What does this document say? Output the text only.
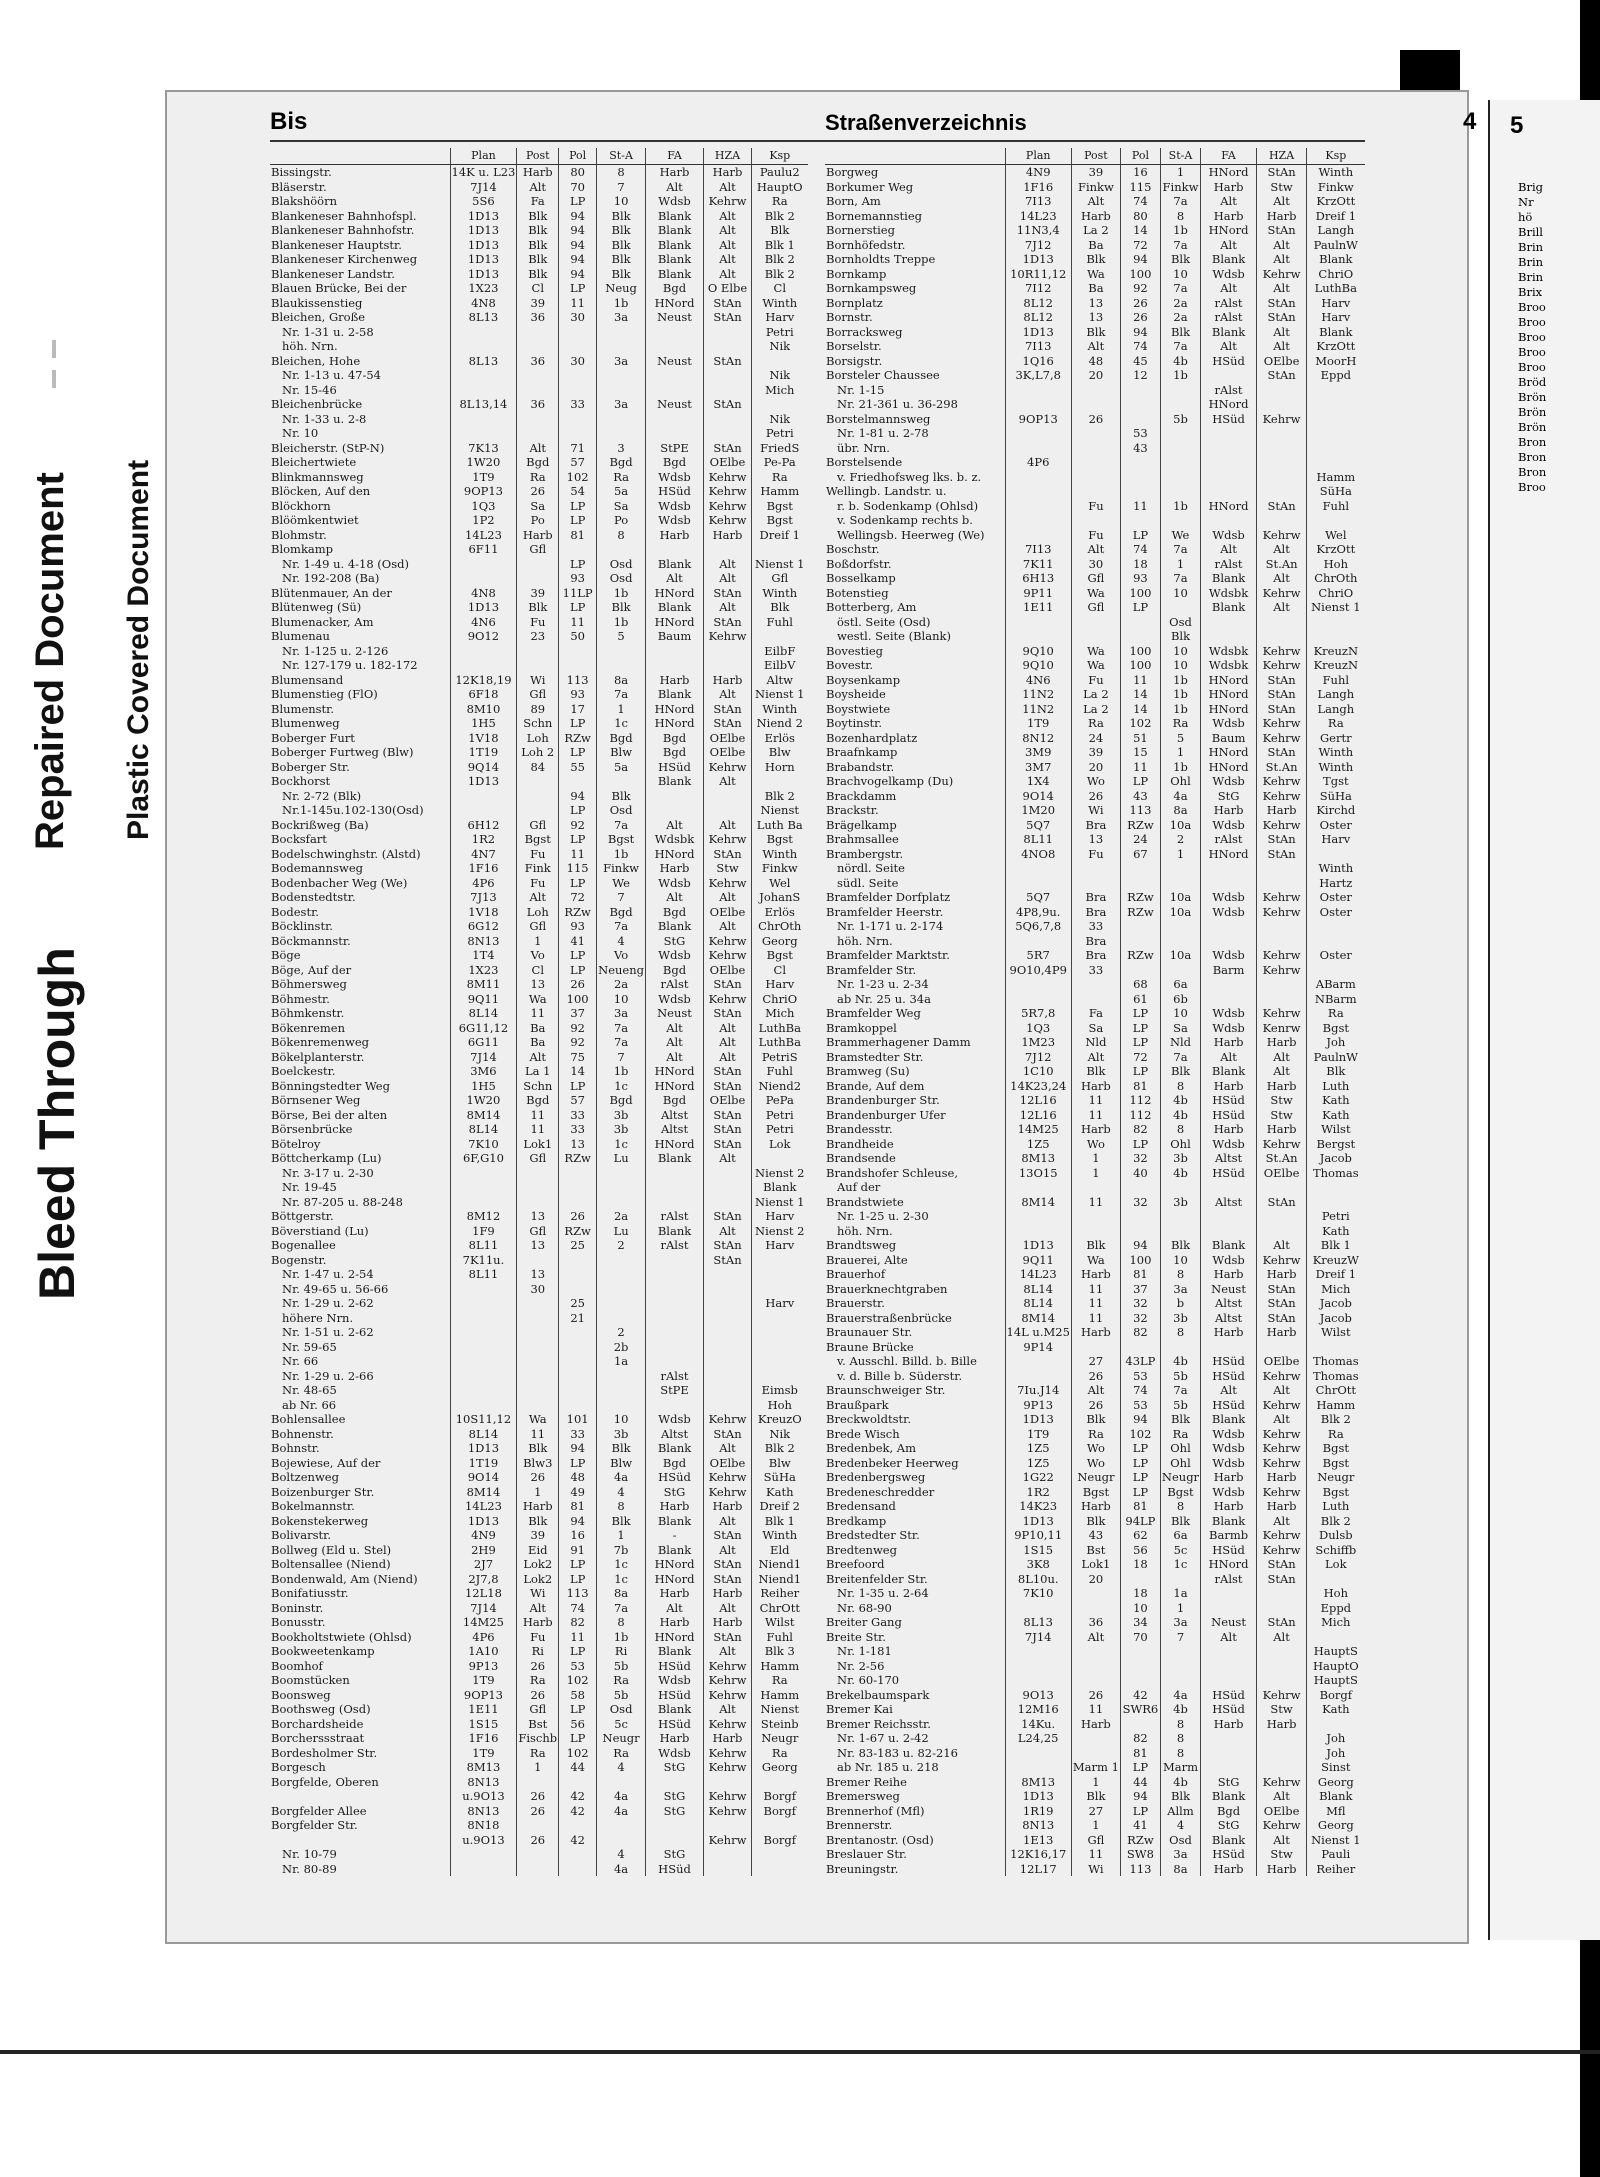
Bleed Through
Repaired Document Plastic Covered Document
Bis	Straßenverzeichnis	4
	Plan	Post	Pol	St-A	FA	HZA	Ksp
Bissingstr.	14K u. L23	Harb	80	8	Harb	Harb	Paulu2
Bläserstr.	7J14	Alt	70	7	Alt	Alt	HauptO
Blakshöörn	5S6	Fa	LP	10	Wdsb	Kehrw	Ra
Blankeneser Bahnhofspl.	1D13	Blk	94	Blk	Blank	Alt	Blk 2
Blankeneser Bahnhofstr.	1D13	Blk	94	Blk	Blank	Alt	Blk
Blankeneser Hauptstr.	1D13	Blk	94	Blk	Blank	Alt	Blk 1
Blankeneser Kirchenweg	1D13	Blk	94	Blk	Blank	Alt	Blk 2
Blankeneser Landstr.	1D13	Blk	94	Blk	Blank	Alt	Blk 2
Blauen Brücke, Bei der	1X23	Cl	LP	Neug	Bgd	O Elbe	Cl
Blaukissenstieg	4N8	39	11	1b	HNord	StAn	Winth
Bleichen, Große	8L13	36	30	3a	Neust	StAn	Harv
Nr. 1-31 u. 2-58							Petri
höh. Nrn.							Nik
Bleichen, Hohe	8L13	36	30	3a	Neust	StAn	
Nr. 1-13 u. 47-54							Nik
Nr. 15-46							Mich
Bleichenbrücke	8L13,14	36	33	3a	Neust	StAn	
Nr. 1-33 u. 2-8							Nik
Nr. 10							Petri
Bleicherstr. (StP-N)	7K13	Alt	71	3	StPE	StAn	FriedS
Bleichertwiete	1W20	Bgd	57	Bgd	Bgd	OElbe	Pe-Pa
Blinkmannsweg	1T9	Ra	102	Ra	Wdsb	Kehrw	Ra
Blöcken, Auf den	9OP13	26	54	5a	HSüd	Kehrw	Hamm
Blöckhorn	1Q3	Sa	LP	Sa	Wdsb	Kehrw	Bgst
Blöömkentwiet	1P2	Po	LP	Po	Wdsb	Kehrw	Bgst
Blohmstr.	14L23	Harb	81	8	Harb	Harb	Dreif 1
Blomkamp	6F11	Gfl					
Nr. 1-49 u. 4-18 (Osd)			LP	Osd	Blank	Alt	Nienst 1
Nr. 192-208 (Ba)			93	Osd	Alt	Alt	Gfl
Blütenmauer, An der	4N8	39	11LP	1b	HNord	StAn	Winth
Blütenweg (Sü)	1D13	Blk	LP	Blk	Blank	Alt	Blk
Blumenacker, Am	4N6	Fu	11	1b	HNord	StAn	Fuhl
Blumenau	9O12	23	50	5	Baum	Kehrw	
Nr. 1-125 u. 2-126							EilbF
Nr. 127-179 u. 182-172							EilbV
Blumensand	12K18,19	Wi	113	8a	Harb	Harb	Altw
Blumenstieg (FlO)	6F18	Gfl	93	7a	Blank	Alt	Nienst 1
Blumenstr.	8M10	89	17	1	HNord	StAn	Winth
Blumenweg	1H5	Schn	LP	1c	HNord	StAn	Niend 2
Boberger Furt	1V18	Loh	RZw	Bgd	Bgd	OElbe	Erlös
Boberger Furtweg (Blw)	1T19	Loh 2	LP	Blw	Bgd	OElbe	Blw
Boberger Str.	9Q14	84	55	5a	HSüd	Kehrw	Horn
Bockhorst	1D13				Blank	Alt	
Nr. 2-72 (Blk)			94	Blk			Blk 2
Nr.1-145u.102-130(Osd)			LP	Osd			Nienst
Bockrißweg (Ba)	6H12	Gfl	92	7a	Alt	Alt	Luth Ba
Bocksfart	1R2	Bgst	LP	Bgst	Wdsbk	Kehrw	Bgst
Bodelschwinghstr. (Alstd)	4N7	Fu	11	1b	HNord	StAn	Winth
Bodemannsweg	1F16	Fink	115	Finkw	Harb	Stw	Finkw
Bodenbacher Weg (We)	4P6	Fu	LP	We	Wdsb	Kehrw	Wel
Bodenstedtstr.	7J13	Alt	72	7	Alt	Alt	JohanS
Bodestr.	1V18	Loh	RZw	Bgd	Bgd	OElbe	Erlös
Böcklinstr.	6G12	Gfl	93	7a	Blank	Alt	ChrOth
Böckmannstr.	8N13	1	41	4	StG	Kehrw	Georg
Böge	1T4	Vo	LP	Vo	Wdsb	Kehrw	Bgst
Böge, Auf der	1X23	Cl	LP	Neueng	Bgd	OElbe	Cl
Böhmersweg	8M11	13	26	2a	rAlst	StAn	Harv
Böhmestr.	9Q11	Wa	100	10	Wdsb	Kehrw	ChriO
Böhmkenstr.	8L14	11	37	3a	Neust	StAn	Mich
Bökenremen	6G11,12	Ba	92	7a	Alt	Alt	LuthBa
Bökenremenweg	6G11	Ba	92	7a	Alt	Alt	LuthBa
Bökelplanterstr.	7J14	Alt	75	7	Alt	Alt	PetriS
Boelckestr.	3M6	La 1	14	1b	HNord	StAn	Fuhl
Bönningstedter Weg	1H5	Schn	LP	1c	HNord	StAn	Niend2
Börnsener Weg	1W20	Bgd	57	Bgd	Bgd	OElbe	PePa
Börse, Bei der alten	8M14	11	33	3b	Altst	StAn	Petri
Börsenbrücke	8L14	11	33	3b	Altst	StAn	Petri
Bötelroy	7K10	Lok1	13	1c	HNord	StAn	Lok
Böttcherkamp (Lu)	6F,G10	Gfl	RZw	Lu	Blank	Alt	
Nr. 3-17 u. 2-30							Nienst 2
Nr. 19-45							Blank
Nr. 87-205 u. 88-248							Nienst 1
Böttgerstr.	8M12	13	26	2a	rAlst	StAn	Harv
Böverstiand (Lu)	1F9	Gfl	RZw	Lu	Blank	Alt	Nienst 2
Bogenallee	8L11	13	25	2	rAlst	StAn	Harv
Bogenstr.	7K11u.					StAn	
Nr. 1-47 u. 2-54	8L11	13					
Nr. 49-65 u. 56-66		30					
Nr. 1-29 u. 2-62			25				Harv
höhere Nrn.			21				
Nr. 1-51 u. 2-62				2			
Nr. 59-65				2b			
Nr. 66				1a			
Nr. 1-29 u. 2-66					rAlst		
Nr. 48-65					StPE		Eimsb
ab Nr. 66							Hoh
Bohlensallee	10S11,12	Wa	101	10	Wdsb	Kehrw	KreuzO
Bohnenstr.	8L14	11	33	3b	Altst	StAn	Nik
Bohnstr.	1D13	Blk	94	Blk	Blank	Alt	Blk 2
Bojewiese, Auf der	1T19	Blw3	LP	Blw	Bgd	OElbe	Blw
Boltzenweg	9O14	26	48	4a	HSüd	Kehrw	SüHa
Boizenburger Str.	8M14	1	49	4	StG	Kehrw	Kath
Bokelmannstr.	14L23	Harb	81	8	Harb	Harb	Dreif 2
Bokenstekerweg	1D13	Blk	94	Blk	Blank	Alt	Blk 1
Bolivarstr.	4N9	39	16	1	-	StAn	Winth
Bollweg (Eld u. Stel)	2H9	Eid	91	7b	Blank	Alt	Eld
Boltensallee (Niend)	2J7	Lok2	LP	1c	HNord	StAn	Niend1
Bondenwald, Am (Niend)	2J7,8	Lok2	LP	1c	HNord	StAn	Niend1
Bonifatiusstr.	12L18	Wi	113	8a	Harb	Harb	Reiher
Boninstr.	7J14	Alt	74	7a	Alt	Alt	ChrOtt
Bonusstr.	14M25	Harb	82	8	Harb	Harb	Wilst
Bookholtstwiete (Ohlsd)	4P6	Fu	11	1b	HNord	StAn	Fuhl
Bookweetenkamp	1A10	Ri	LP	Ri	Blank	Alt	Blk 3
Boomhof	9P13	26	53	5b	HSüd	Kehrw	Hamm
Boomstücken	1T9	Ra	102	Ra	Wdsb	Kehrw	Ra
Boonsweg	9OP13	26	58	5b	HSüd	Kehrw	Hamm
Boothsweg (Osd)	1E11	Gfl	LP	Osd	Blank	Alt	Nienst
Borchardsheide	1S15	Bst	56	5c	HSüd	Kehrw	Steinb
Borcherssstraat	1F16	Fischb	LP	Neugr	Harb	Harb	Neugr
Bordesholmer Str.	1T9	Ra	102	Ra	Wdsb	Kehrw	Ra
Borgesch	8M13	1	44	4	StG	Kehrw	Georg
Borgfelde, Oberen	8N13						
	u.9O13	26	42	4a	StG	Kehrw	Borgf
Borgfelder Allee	8N13	26	42	4a	StG	Kehrw	Borgf
Borgfelder Str.	8N18						
	u.9O13	26	42			Kehrw	Borgf
Nr. 10-79				4	StG		
Nr. 80-89				4a	HSüd		
	Plan	Post	Pol	St-A	FA	HZA	Ksp
Borgweg	4N9	39	16	1	HNord	StAn	Winth
Borkumer Weg	1F16	Finkw	115	Finkw	Harb	Stw	Finkw
Born, Am	7I13	Alt	74	7a	Alt	Alt	KrzOtt
Bornemannstieg	14L23	Harb	80	8	Harb	Harb	Dreif 1
Bornerstieg	11N3,4	La 2	14	1b	HNord	StAn	Langh
Bornhöfedstr.	7J12	Ba	72	7a	Alt	Alt	PaulnW
Bornholdts Treppe	1D13	Blk	94	Blk	Blank	Alt	Blank
Bornkamp	10R11,12	Wa	100	10	Wdsb	Kehrw	ChriO
Bornkampsweg	7I12	Ba	92	7a	Alt	Alt	LuthBa
Bornplatz	8L12	13	26	2a	rAlst	StAn	Harv
Bornstr.	8L12	13	26	2a	rAlst	StAn	Harv
Borracksweg	1D13	Blk	94	Blk	Blank	Alt	Blank
Borselstr.	7I13	Alt	74	7a	Alt	Alt	KrzOtt
Borsigstr.	1Q16	48	45	4b	HSüd	OElbe	MoorH
Borsteler Chaussee	3K,L7,8	20	12	1b		StAn	Eppd
Nr. 1-15					rAlst		
Nr. 21-361 u. 36-298					HNord		
Borstelmannsweg	9OP13	26		5b	HSüd	Kehrw	
Nr. 1-81 u. 2-78			53				
übr. Nrn.			43				
Borstelsende	4P6						
v. Friedhofsweg lks. b. z.							Hamm
Wellingb. Landstr. u.							SüHa
r. b. Sodenkamp (Ohlsd)		Fu	11	1b	HNord	StAn	Fuhl
v. Sodenkamp rechts b.							
Wellingsb. Heerweg (We)		Fu	LP	We	Wdsb	Kehrw	Wel
Boschstr.	7I13	Alt	74	7a	Alt	Alt	KrzOtt
Boßdorfstr.	7K11	30	18	1	rAlst	St.An	Hoh
Bosselkamp	6H13	Gfl	93	7a	Blank	Alt	ChrOth
Botenstieg	9P11	Wa	100	10	Wdsbk	Kehrw	ChriO
Botterberg, Am	1E11	Gfl	LP		Blank	Alt	Nienst 1
östl. Seite (Osd)				Osd			
westl. Seite (Blank)				Blk			
Bovestieg	9Q10	Wa	100	10	Wdsbk	Kehrw	KreuzN
Bovestr.	9Q10	Wa	100	10	Wdsbk	Kehrw	KreuzN
Boysenkamp	4N6	Fu	11	1b	HNord	StAn	Fuhl
Boysheide	11N2	La 2	14	1b	HNord	StAn	Langh
Boystwiete	11N2	La 2	14	1b	HNord	StAn	Langh
Boytinstr.	1T9	Ra	102	Ra	Wdsb	Kehrw	Ra
Bozenhardplatz	8N12	24	51	5	Baum	Kehrw	Gertr
Braafnkamp	3M9	39	15	1	HNord	StAn	Winth
Brabandstr.	3M7	20	11	1b	HNord	St.An	Winth
Brachvogelkamp (Du)	1X4	Wo	LP	Ohl	Wdsb	Kehrw	Tgst
Brackdamm	9O14	26	43	4a	StG	Kehrw	SüHa
Brackstr.	1M20	Wi	113	8a	Harb	Harb	Kirchd
Brägelkamp	5Q7	Bra	RZw	10a	Wdsb	Kehrw	Oster
Brahmsallee	8L11	13	24	2	rAlst	StAn	Harv
Brambergstr.	4NO8	Fu	67	1	HNord	StAn	
nördl. Seite							Winth
südl. Seite							Hartz
Bramfelder Dorfplatz	5Q7	Bra	RZw	10a	Wdsb	Kehrw	Oster
Bramfelder Heerstr.	4P8,9u.	Bra	RZw	10a	Wdsb	Kehrw	Oster
Nr. 1-171 u. 2-174	5Q6,7,8	33					
höh. Nrn.		Bra					
Bramfelder Marktstr.	5R7	Bra	RZw	10a	Wdsb	Kehrw	Oster
Bramfelder Str.	9O10,4P9	33			Barm	Kehrw	
Nr. 1-23 u. 2-34			68	6a			ABarm
ab Nr. 25 u. 34a			61	6b			NBarm
Bramfelder Weg	5R7,8	Fa	LP	10	Wdsb	Kehrw	Ra
Bramkoppel	1Q3	Sa	LP	Sa	Wdsb	Kenrw	Bgst
Brammerhagener Damm	1M23	Nld	LP	Nld	Harb	Harb	Joh
Bramstedter Str.	7J12	Alt	72	7a	Alt	Alt	PaulnW
Bramweg (Su)	1C10	Blk	LP	Blk	Blank	Alt	Blk
Brande, Auf dem	14K23,24	Harb	81	8	Harb	Harb	Luth
Brandenburger Str.	12L16	11	112	4b	HSüd	Stw	Kath
Brandenburger Ufer	12L16	11	112	4b	HSüd	Stw	Kath
Brandesstr.	14M25	Harb	82	8	Harb	Harb	Wilst
Brandheide	1Z5	Wo	LP	Ohl	Wdsb	Kehrw	Bergst
Brandsende	8M13	1	32	3b	Altst	St.An	Jacob
Brandshofer Schleuse,	13O15	1	40	4b	HSüd	OElbe	Thomas
Auf der							
Brandstwiete	8M14	11	32	3b	Altst	StAn	
Nr. 1-25 u. 2-30							Petri
höh. Nrn.							Kath
Brandtsweg	1D13	Blk	94	Blk	Blank	Alt	Blk 1
Brauerei, Alte	9Q11	Wa	100	10	Wdsb	Kehrw	KreuzW
Brauerhof	14L23	Harb	81	8	Harb	Harb	Dreif 1
Brauerknechtgraben	8L14	11	37	3a	Neust	StAn	Mich
Brauerstr.	8L14	11	32	b	Altst	StAn	Jacob
Brauerstraßenbrücke	8M14	11	32	3b	Altst	StAn	Jacob
Braunauer Str.	14L u.M25	Harb	82	8	Harb	Harb	Wilst
Braune Brücke	9P14						
v. Ausschl. Billd. b. Bille		27	43LP	4b	HSüd	OElbe	Thomas
v. d. Bille b. Süderstr.		26	53	5b	HSüd	Kehrw	Thomas
Braunschweiger Str.	7Iu.J14	Alt	74	7a	Alt	Alt	ChrOtt
Braußpark	9P13	26	53	5b	HSüd	Kehrw	Hamm
Breckwoldtstr.	1D13	Blk	94	Blk	Blank	Alt	Blk 2
Brede Wisch	1T9	Ra	102	Ra	Wdsb	Kehrw	Ra
Bredenbek, Am	1Z5	Wo	LP	Ohl	Wdsb	Kehrw	Bgst
Bredenbeker Heerweg	1Z5	Wo	LP	Ohl	Wdsb	Kehrw	Bgst
Bredenbergsweg	1G22	Neugr	LP	Neugr	Harb	Harb	Neugr
Bredeneschredder	1R2	Bgst	LP	Bgst	Wdsb	Kehrw	Bgst
Bredensand	14K23	Harb	81	8	Harb	Harb	Luth
Bredkamp	1D13	Blk	94LP	Blk	Blank	Alt	Blk 2
Bredstedter Str.	9P10,11	43	62	6a	Barmb	Kehrw	Dulsb
Bredtenweg	1S15	Bst	56	5c	HSüd	Kehrw	Schiffb
Breefoord	3K8	Lok1	18	1c	HNord	StAn	Lok
Breitenfelder Str.	8L10u.	20			rAlst	StAn	
Nr. 1-35 u. 2-64	7K10		18	1a			Hoh
Nr. 68-90			10	1			Eppd
Breiter Gang	8L13	36	34	3a	Neust	StAn	Mich
Breite Str.	7J14	Alt	70	7	Alt	Alt	
Nr. 1-181							HauptS
Nr. 2-56							HauptO
Nr. 60-170							HauptS
Brekelbaumspark	9O13	26	42	4a	HSüd	Kehrw	Borgf
Bremer Kai	12M16	11	SWR6	4b	HSüd	Stw	Kath
Bremer Reichsstr.	14Ku.	Harb		8	Harb	Harb	
Nr. 1-67 u. 2-42	L24,25		82	8			Joh
Nr. 83-183 u. 82-216			81	8			Joh
ab Nr. 185 u. 218		Marm 1	LP	Marm			Sinst
Bremer Reihe	8M13	1	44	4b	StG	Kehrw	Georg
Bremersweg	1D13	Blk	94	Blk	Blank	Alt	Blank
Brennerhof (Mfl)	1R19	27	LP	Allm	Bgd	OElbe	Mfl
Brennerstr.	8N13	1	41	4	StG	Kehrw	Georg
Brentanostr. (Osd)	1E13	Gfl	RZw	Osd	Blank	Alt	Nienst 1
Breslauer Str.	12K16,17	11	SW8	3a	HSüd	Stw	Pauli
Breuningstr.	12L17	Wi	113	8a	Harb	Harb	Reiher
5
Brig
Nr
hö
Brill
Brin
Brin
Brin
Brix
Broo
Broo
Broo
Broo
Broo
Bröd
Brön
Brön
Brön
Bron
Bron
Bron
Broo
